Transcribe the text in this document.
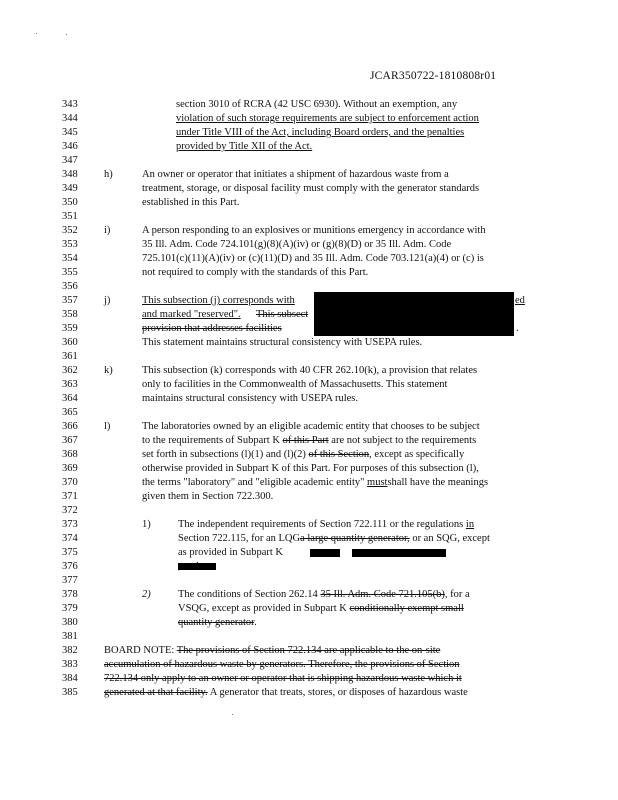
JCAR350722-1810808r01
343
344
345
346
347
348
349
350
351
352
353
354
355
356
357
358
359
360
361
362
363
364
365
366
367
368
369
370
371
372
373
374
375
376
377
378
379
380
381
382
383
384
385
section 3010 of RCRA (42 USC 6930). Without an exemption, any
violation of such storage requirements are subject to enforcement action
under Title VIII of the Act, including Board orders, and the penalties
provided by Title XII of the Act.
h)	An owner or operator that initiates a shipment of hazardous waste from a
treatment, storage, or disposal facility must comply with the generator standards
established in this Part.
i)	A person responding to an explosives or munitions emergency in accordance with
35 Ill. Adm. Code 724.101(g)(8)(A)(iv) or (g)(8)(D) or 35 Ill. Adm. Code
725.101(c)(11)(A)(iv) or (c)(11)(D) and 35 Ill. Adm. Code 703.121(a)(4) or (c) is
not required to comply with the standards of this Part.
j)	This subsection (j) corresponds with	ed
and marked "reserved". This subsect
provision that addresses facilities	.
This statement maintains structural consistency with USEPA rules.
k)	This subsection (k) corresponds with 40 CFR 262.10(k), a provision that relates
only to facilities in the Commonwealth of Massachusetts. This statement
maintains structural consistency with USEPA rules.
l)	The laboratories owned by an eligible academic entity that chooses to be subject
to the requirements of Subpart K of this Part are not subject to the requirements
set forth in subsections (l)(1) and (l)(2) of this Section, except as specifically
otherwise provided in Subpart K of this Part. For purposes of this subsection (l),
the terms "laboratory" and "eligible academic entity" mustshall have the meanings
given them in Section 722.300.
1)	The independent requirements of Section 722.111 or the regulations in
Section 722.115, for an LQGa large quantity generator, or an SQG, except
as provided in Subpart K
2)	The conditions of Section 262.14 35 Ill. Adm. Code 721.105(b), for a
VSQG, except as provided in Subpart K conditionally exempt small
quantity generator.
BOARD NOTE: The provisions of Section 722.134 are applicable to the on-site
accumulation of hazardous waste by generators. Therefore, the provisions of Section
722.134 only apply to an owner or operator that is shipping hazardous waste which it
generated at that facility. A generator that treats, stores, or disposes of hazardous waste
